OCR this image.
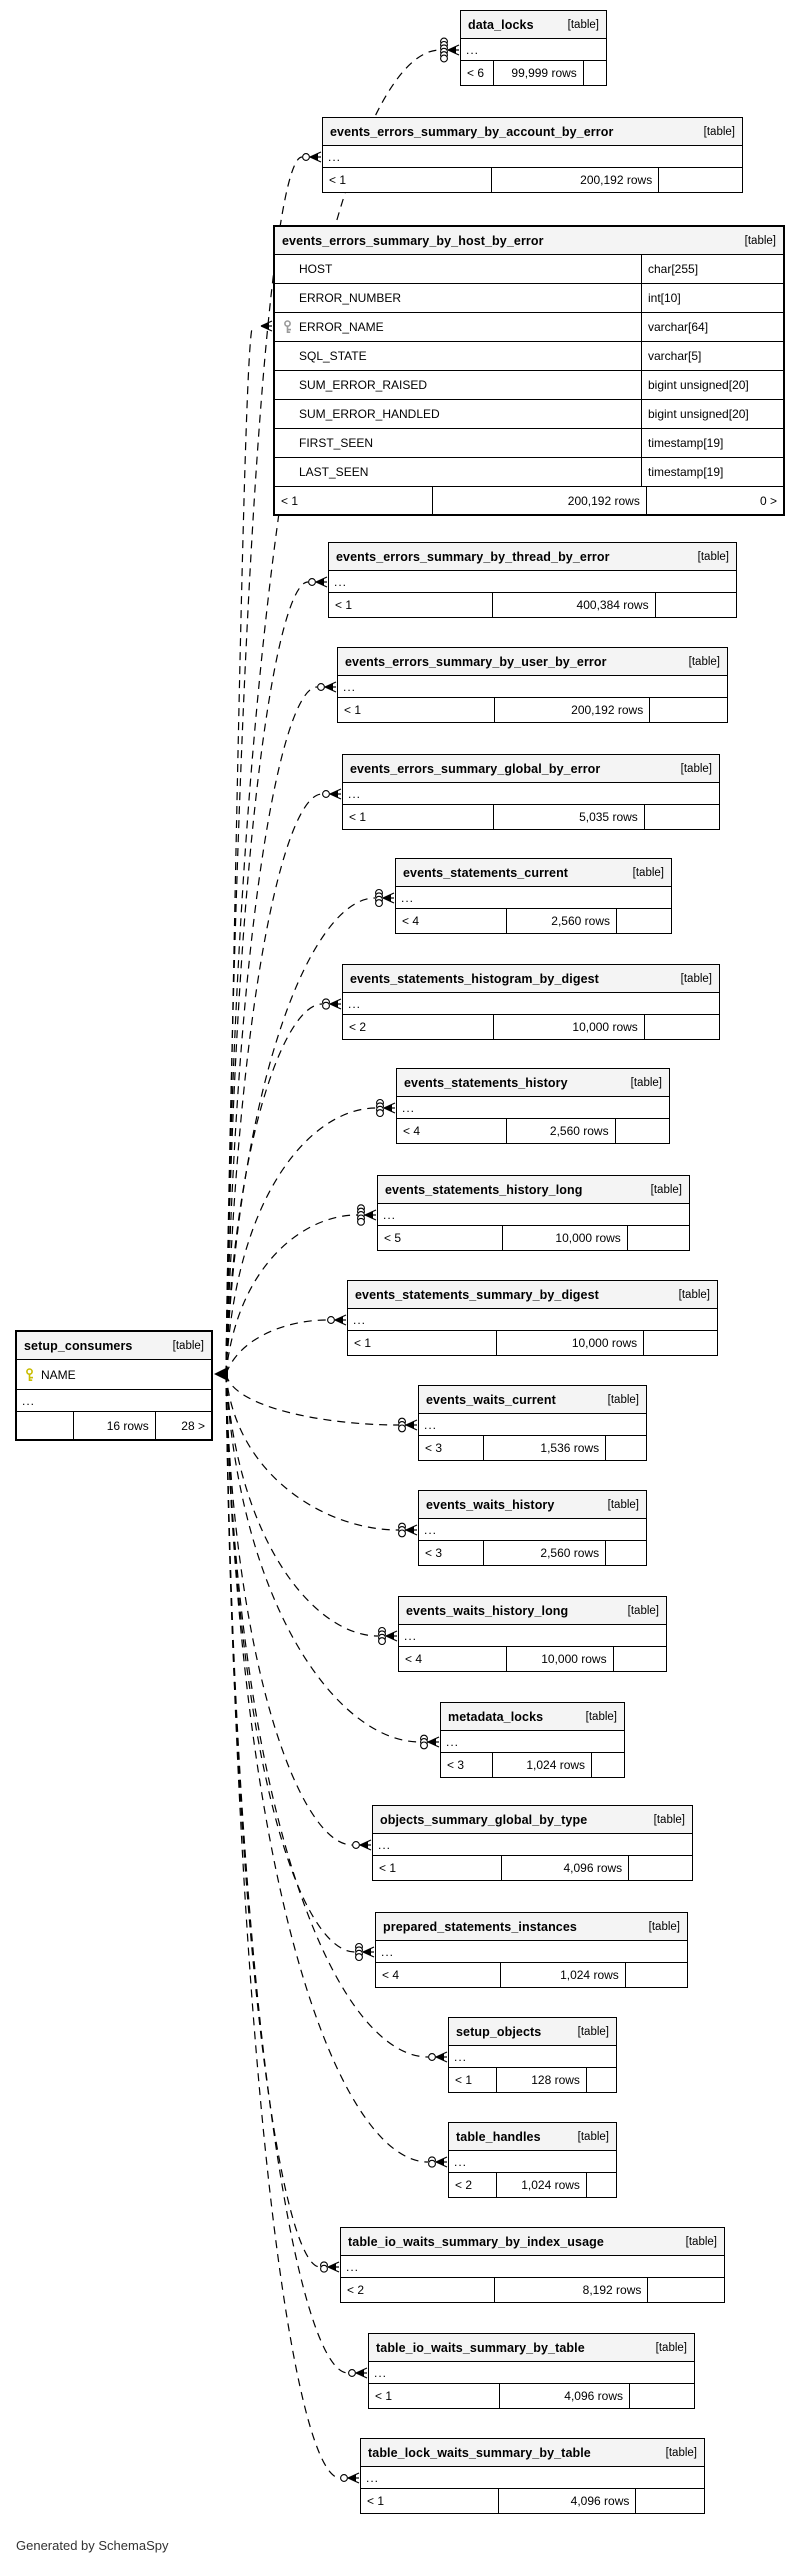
Generated by SchemaSpy
setup_consumers	[table]
NAME
...
16 rows	28 >
data_locks	[table]
...
< 6	99,999 rows
events_errors_summary_by_account_by_error	[table]
...
< 1	200,192 rows
events_errors_summary_by_host_by_error	[table]
HOST	char[255]
ERROR_NUMBER	int[10]
ERROR_NAME	varchar[64]
SQL_STATE	varchar[5]
SUM_ERROR_RAISED	bigint unsigned[20]
SUM_ERROR_HANDLED	bigint unsigned[20]
FIRST_SEEN	timestamp[19]
LAST_SEEN	timestamp[19]
< 1	200,192 rows	0 >
events_errors_summary_by_thread_by_error	[table]
...
< 1	400,384 rows
events_errors_summary_by_user_by_error	[table]
...
< 1	200,192 rows
events_errors_summary_global_by_error	[table]
...
< 1	5,035 rows
events_statements_current	[table]
...
< 4	2,560 rows
events_statements_histogram_by_digest	[table]
...
< 2	10,000 rows
events_statements_history	[table]
...
< 4	2,560 rows
events_statements_history_long	[table]
...
< 5	10,000 rows
events_statements_summary_by_digest	[table]
...
< 1	10,000 rows
events_waits_current	[table]
...
< 3	1,536 rows
events_waits_history	[table]
...
< 3	2,560 rows
events_waits_history_long	[table]
...
< 4	10,000 rows
metadata_locks	[table]
...
< 3	1,024 rows
objects_summary_global_by_type	[table]
...
< 1	4,096 rows
prepared_statements_instances	[table]
...
< 4	1,024 rows
setup_objects	[table]
...
< 1	128 rows
table_handles	[table]
...
< 2	1,024 rows
table_io_waits_summary_by_index_usage	[table]
...
< 2	8,192 rows
table_io_waits_summary_by_table	[table]
...
< 1	4,096 rows
table_lock_waits_summary_by_table	[table]
...
< 1	4,096 rows
